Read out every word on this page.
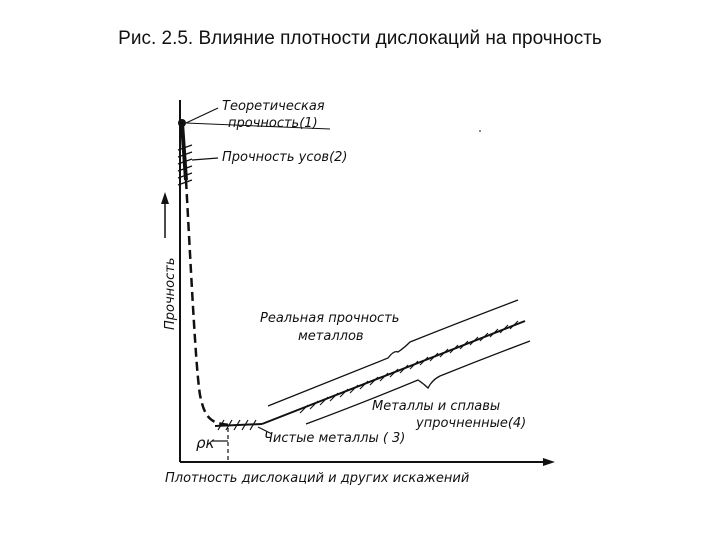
Рис. 2.5. Влияние плотности дислокаций на прочность
Прочность
Плотность дислокаций и других искажений
ρк
Теоретическая
прочность(1)
Прочность усов(2)
Реальная прочность
металлов
Металлы и сплавы
упрочненные(4)
Чистые металлы ( 3)
